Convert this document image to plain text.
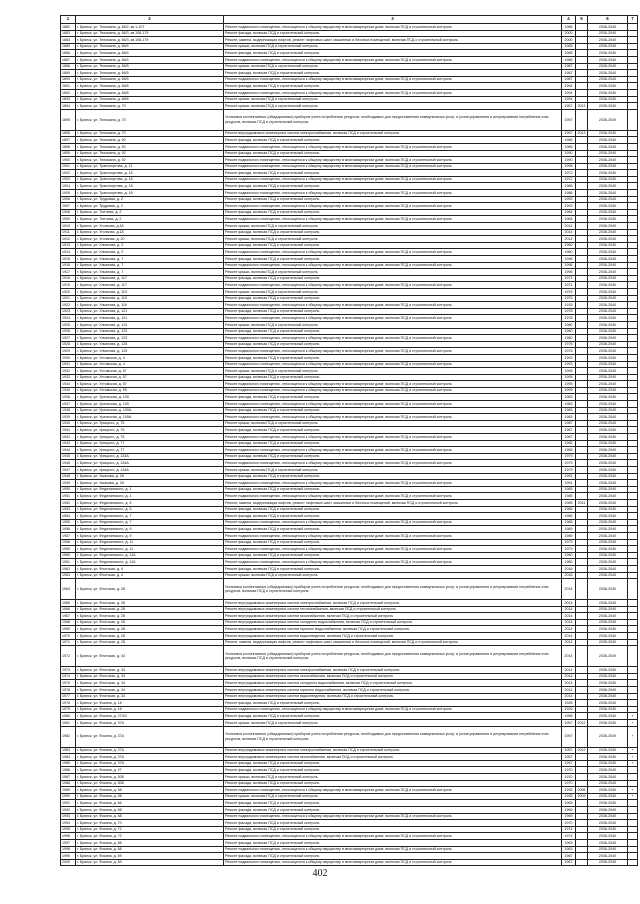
1	2	3	4	5	6	7
1882	г. Брянск, ул. Тельмана, д. 66/2, кв.1-107	Ремонт подвального помещения, относящегося к общему имуществу в многоквартирном доме, включая ПСД и строительный контроль	1986		2038-2040	
1883	г. Брянск, ул. Тельмана, д. 66/3, кв.108-179	Ремонт фасада, включая ПСД и строительный контроль	2000		2038-2040	
1884	г. Брянск, ул. Тельмана, д. 66/3, кв.108-179	Ремонт, замена, модернизация лифтов, ремонт лифтовых шахт, машинных и блочных помещений, включая ПСД и строительный контроль	2000		2038-2040	
1885	г. Брянск, ул. Тельмана, д. 66/4	Ремонт крыши, включая ПСД и строительный контроль	1985		2038-2040	
1886	г. Брянск, ул. Тельмана, д. 66/4	Ремонт фасада, включая ПСД и строительный контроль	1985		2038-2040	
1887	г. Брянск, ул. Тельмана, д. 66/4	Ремонт подвального помещения, относящегося к общему имуществу в многоквартирном доме, включая ПСД и строительный контроль	1985		2038-2040	
1888	г. Брянск, ул. Тельмана, д. 66/5	Ремонт крыши, включая ПСД и строительный контроль	1987		2038-2040	
1889	г. Брянск, ул. Тельмана, д. 66/5	Ремонт фасада, включая ПСД и строительный контроль	1987		2038-2040	
1890	г. Брянск, ул. Тельмана, д. 66/5	Ремонт подвального помещения, относящегося к общему имуществу в многоквартирном доме, включая ПСД и строительный контроль	1987		2038-2040	
1891	г. Брянск, ул. Тельмана, д. 66/6	Ремонт фасада, включая ПСД и строительный контроль	1994		2038-2040	
1892	г. Брянск, ул. Тельмана, д. 66/6	Ремонт подвального помещения, относящегося к общему имуществу в многоквартирном доме, включая ПСД и строительный контроль	1994		2038-2040	
1893	г. Брянск, ул. Тельмана, д. 66/6	Ремонт крыши, включая ПСД и строительный контроль	1994		2038-2040	
1894	г. Брянск, ул. Тельмана, д. 70	Ремонт крыши, включая ПСД и строительный контроль	1957	2013	2038-2040	
1895	г. Брянск, ул. Тельмана, д. 70	Установка коллективных (общедомовых) приборов учета потребления ресурсов, необходимых для предоставления коммунальных услуг, и узлов управления и регулирования потребления этих ресурсов, включая ПСД и строительный контроль	1957		2038-2040	
1896	г. Брянск, ул. Тельмана, д. 70	Ремонт внутридомовых инженерных систем электроснабжения, включая ПСД и строительный контроль	1957	2013	2038-2040	
1897	г. Брянск, ул. Тельмана, д. 90	Ремонт фасада, включая ПСД и строительный контроль	1986		2038-2040	
1898	г. Брянск, ул. Тельмана, д. 90	Ремонт подвального помещения, относящегося к общему имуществу в многоквартирном доме, включая ПСД и строительный контроль	1986		2038-2040	
1899	г. Брянск, ул. Тельмана, д. 92	Ремонт фасада, включая ПСД и строительный контроль	1990		2038-2040	
1900	г. Брянск, ул. Тельмана, д. 92	Ремонт подвального помещения, относящегося к общему имуществу в многоквартирном доме, включая ПСД и строительный контроль	1990		2038-2040	
1901	г. Брянск, ул. Транспортная, д. 11	Ремонт подвального помещения, относящегося к общему имуществу в многоквартирном доме, включая ПСД и строительный контроль	1998		2038-2040	
1902	г. Брянск, ул. Транспортная, д. 15	Ремонт фасада, включая ПСД и строительный контроль	1972		2038-2040	
1903	г. Брянск, ул. Транспортная, д. 16	Ремонт подвального помещения, относящегося к общему имуществу в многоквартирном доме, включая ПСД и строительный контроль	1972		2038-2040	
1904	г. Брянск, ул. Транспортная, д. 18	Ремонт фасада, включая ПСД и строительный контроль	1986		2038-2040	
1905	г. Брянск, ул. Транспортная, д. 18	Ремонт подвального помещения, относящегося к общему имуществу в многоквартирном доме, включая ПСД и строительный контроль	1986		2038-2040	
1906	г. Брянск, ул. Трудовая, д. 2	Ремонт фасада, включая ПСД и строительный контроль	1993		2038-2040	
1907	г. Брянск, ул. Трудовая, д. 2	Ремонт подвального помещения, относящегося к общему имуществу в многоквартирном доме, включая ПСД и строительный контроль	1993		2038-2040	
1908	г. Брянск, ул. Тютчева, д. 2	Ремонт фасада, включая ПСД и строительный контроль	1984		2038-2040	
1909	г. Брянск, ул. Тютчева, д. 2	Ремонт подвального помещения, относящегося к общему имуществу в многоквартирном доме, включая ПСД и строительный контроль	1984		2038-2040	
1910	г. Брянск, ул. Угольная, д.18	Ремонт крыши, включая ПСД и строительный контроль	2014		2038-2040	
1911	г. Брянск, ул. Угольная, д.18	Ремонт фасада, включая ПСД и строительный контроль	2014		2038-2040	
1912	г. Брянск, ул. Угольная, д. 20	Ремонт крыши, включая ПСД и строительный контроль	2014		2038-2040	
1913	г. Брянск, ул. Ульянова, д. 2	Ремонт фасада, включая ПСД и строительный контроль	1960		2038-2040	
1914	г. Брянск, ул. Ульянова, д. 2	Ремонт подвального помещения, относящегося к общему имуществу в многоквартирном доме, включая ПСД и строительный контроль	1960		2038-2040	
1915	г. Брянск, ул. Ульянова, д. 7	Ремонт фасада, включая ПСД и строительный контроль	1996		2038-2040	
1916	г. Брянск, ул. Ульянова, д. 7	Ремонт подвального помещения, относящегося к общему имуществу в многоквартирном доме, включая ПСД и строительный контроль	1996		2038-2040	
1917	г. Брянск, ул. Ульянова, д. 7	Ремонт крыши, включая ПСД и строительный контроль	1996		2038-2040	
1918	г. Брянск, ул. Ульянова, д. 117	Ремонт фасада, включая ПСД и строительный контроль	1971		2038-2040	
1919	г. Брянск, ул. Ульянова, д. 117	Ремонт подвального помещения, относящегося к общему имуществу в многоквартирном доме, включая ПСД и строительный контроль	1971		2038-2040	
1920	г. Брянск, ул. Ульянова, д. 119	Ремонт крыши, включая ПСД и строительный контроль	1976		2038-2040	
1921	г. Брянск, ул. Ульянова, д. 119	Ремонт фасада, включая ПСД и строительный контроль	1976		2038-2040	
1922	г. Брянск, ул. Ульянова, д. 119	Ремонт подвального помещения, относящегося к общему имуществу в многоквартирном доме, включая ПСД и строительный контроль	1976		2038-2040	
1923	г. Брянск, ул. Ульянова, д. 121	Ремонт фасада, включая ПСД и строительный контроль	1978		2038-2040	
1924	г. Брянск, ул. Ульянова, д. 121	Ремонт подвального помещения, относящегося к общему имуществу в многоквартирном доме, включая ПСД и строительный контроль	1978		2038-2040	
1925	г. Брянск, ул. Ульянова, д. 123	Ремонт крыши, включая ПСД и строительный контроль	1980		2038-2040	
1926	г. Брянск, ул. Ульянова, д. 123	Ремонт фасада, включая ПСД и строительный контроль	1980		2038-2040	
1927	г. Брянск, ул. Ульянова, д. 123	Ремонт подвального помещения, относящегося к общему имуществу в многоквартирном доме, включая ПСД и строительный контроль	1980		2038-2040	
1928	г. Брянск, ул. Ульянова, д. 125	Ремонт фасада, включая ПСД и строительный контроль	1976		2038-2040	
1929	г. Брянск, ул. Ульянова, д. 125	Ремонт подвального помещения, относящегося к общему имуществу в многоквартирном доме, включая ПСД и строительный контроль	1976		2038-2040	
1930	г. Брянск, ул. Ухтомская, д. 4	Ремонт фасада, включая ПСД и строительный контроль	1993		2038-2040	
1931	г. Брянск, ул. Ухтомская, д. 4	Ремонт подвального помещения, относящегося к общему имуществу в многоквартирном доме, включая ПСД и строительный контроль	1993		2038-2040	
1932	г. Брянск, ул. Ухтомская, д. 57	Ремонт крыши, включая ПСД и строительный контроль	1995		2038-2040	
1933	г. Брянск, ул. Ухтомская, д. 57	Ремонт фасада, включая ПСД и строительный контроль	1995		2038-2040	
1934	г. Брянск, ул. Ухтомская, д. 57	Ремонт подвального помещения, относящегося к общему имуществу в многоквартирном доме, включая ПСД и строительный контроль	1995		2038-2040	
1935	г. Брянск, ул. Ухтомская, д. 59	Ремонт подвального помещения, относящегося к общему имуществу в многоквартирном доме, включая ПСД и строительный контроль	1999		2038-2040	
1936	г. Брянск, ул. Уральская, д. 100	Ремонт фасада, включая ПСД и строительный контроль	1983		2038-2040	
1937	г. Брянск, ул. Уральская, д. 100	Ремонт подвального помещения, относящегося к общему имуществу в многоквартирном доме, включая ПСД и строительный контроль	1983		2038-2040	
1938	г. Брянск, ул. Уральская, д. 100А	Ремонт фасада, включая ПСД и строительный контроль	1983		2038-2040	
1939	г. Брянск, ул. Уральская, д. 100А	Ремонт подвального помещения, относящегося к общему имуществу в многоквартирном доме, включая ПСД и строительный контроль	1983		2038-2040	
1940	г. Брянск, ул. Урицкого, д. 75	Ремонт крыши, включая ПСД и строительный контроль	1987		2038-2040	
1941	г. Брянск, ул. Урицкого, д. 75	Ремонт фасада, включая ПСД и строительный контроль	1987		2038-2040	
1942	г. Брянск, ул. Урицкого, д. 75	Ремонт подвального помещения, относящегося к общему имуществу в многоквартирном доме, включая ПСД и строительный контроль	1987		2038-2040	
1943	г. Брянск, ул. Урицкого, д. 77	Ремонт фасада, включая ПСД и строительный контроль	1985		2038-2040	
1944	г. Брянск, ул. Урицкого, д. 77	Ремонт подвального помещения, относящегося к общему имуществу в многоквартирном доме, включая ПСД и строительный контроль	1985		2038-2040	
1945	г. Брянск, ул. Урицкого, д. 134А	Ремонт фасада, включая ПСД и строительный контроль	1979		2038-2040	
1946	г. Брянск, ул. Урицкого, д. 134А	Ремонт подвального помещения, относящегося к общему имуществу в многоквартирном доме, включая ПСД и строительный контроль	1979		2038-2040	
1947	г. Брянск, ул. Урицкого, д. 134А	Ремонт крыши, включая ПСД и строительный контроль	1979		2038-2040	
1948	г. Брянск, ул. Ушакова, д. 26	Ремонт фасада, включая ПСД и строительный контроль	1991		2038-2040	
1949	г. Брянск, ул. Ушакова, д. 26	Ремонт подвального помещения, относящегося к общему имуществу в многоквартирном доме, включая ПСД и строительный контроль	1991		2038-2040	
1950	г. Брянск, ул. Федюнинского, д. 1	Ремонт фасада, включая ПСД и строительный контроль	1985		2038-2040	
1951	г. Брянск, ул. Федюнинского, д. 1	Ремонт подвального помещения, относящегося к общему имуществу в многоквартирном доме, включая ПСД и строительный контроль	1985		2038-2040	
1952	г. Брянск, ул. Федюнинского, д. 5	Ремонт, замена, модернизация лифтов, ремонт лифтовых шахт, машинных и блочных помещений, включая ПСД и строительный контроль	1985	2011	2038-2040	
1953	г. Брянск, ул. Федюнинского, д. 5	Ремонт фасада, включая ПСД и строительный контроль	1985		2038-2040	
1954	г. Брянск, ул. Федюнинского, д. 7	Ремонт фасада, включая ПСД и строительный контроль	1985		2038-2040	
1955	г. Брянск, ул. Федюнинского, д. 7	Ремонт подвального помещения, относящегося к общему имуществу в многоквартирном доме, включая ПСД и строительный контроль	1985		2038-2040	
1956	г. Брянск, ул. Федюнинского, д. 9	Ремонт фасада, включая ПСД и строительный контроль	1989		2038-2040	
1957	г. Брянск, ул. Федюнинского, д. 9	Ремонт подвального помещения, относящегося к общему имуществу в многоквартирном доме, включая ПСД и строительный контроль	1989		2038-2040	
1958	г. Брянск, ул. Федюнинского, д. 11	Ремонт фасада, включая ПСД и строительный контроль	1979		2038-2040	
1959	г. Брянск, ул. Федюнинского, д. 11	Ремонт подвального помещения, относящегося к общему имуществу в многоквартирном доме, включая ПСД и строительный контроль	1979		2038-2040	
1960	г. Брянск, ул. Федюнинского, д. 11А	Ремонт фасада, включая ПСД и строительный контроль	1980		2038-2040	
1961	г. Брянск, ул. Федюнинского, д. 11А	Ремонт подвального помещения, относящегося к общему имуществу в многоквартирном доме, включая ПСД и строительный контроль	1980		2038-2040	
1962	г. Брянск, ул. Флотская, д. 4	Ремонт фасада, включая ПСД и строительный контроль	2016		2038-2040	
1963	г. Брянск, ул. Флотская, д. 4	Ремонт крыши, включая ПСД и строительный контроль	2016		2038-2040	
1964	г. Брянск, ул. Флотская, д. 28	Установка коллективных (общедомовых) приборов учета потребления ресурсов, необходимых для предоставления коммунальных услуг, и узлов управления и регулирования потребления этих ресурсов, включая ПСД и строительный контроль	2014		2038-2040	
1965	г. Брянск, ул. Флотская, д. 28	Ремонт внутридомовых инженерных систем электроснабжения, включая ПСД и строительный контроль	2014		2038-2040	
1966	г. Брянск, ул. Флотская, д. 28	Ремонт внутридомовых инженерных систем теплоснабжения, включая ПСД и строительный контроль	2014		2038-2040	
1967	г. Брянск, ул. Флотская, д. 28	Ремонт внутридомовых инженерных систем газоснабжения, включая ПСД и строительный контроль	2014		2038-2040	
1968	г. Брянск, ул. Флотская, д. 28	Ремонт внутридомовых инженерных систем холодного водоснабжения, включая ПСД и строительный контроль	2014		2038-2040	
1969	г. Брянск, ул. Флотская, д. 28	Ремонт внутридомовых инженерных систем горячего водоснабжения, включая ПСД и строительный контроль	2014		2038-2040	
1970	г. Брянск, ул. Флотская, д. 28	Ремонт внутридомовых инженерных систем водоотведения, включая ПСД и строительный контроль	2014		2038-2040	
1971	г. Брянск, ул. Флотская, д. 28	Ремонт, замена, модернизация лифтов, ремонт лифтовых шахт, машинных и блочных помещений, включая ПСД и строительный контроль	2014		2038-2040	
1972	г. Брянск, ул. Флотская, д. 34	Установка коллективных (общедомовых) приборов учета потребления ресурсов, необходимых для предоставления коммунальных услуг, и узлов управления и регулирования потребления этих ресурсов, включая ПСД и строительный контроль	2014		2038-2040	
1973	г. Брянск, ул. Флотская, д. 34	Ремонт внутридомовых инженерных систем электроснабжения, включая ПСД и строительный контроль	2014		2038-2040	
1974	г. Брянск, ул. Флотская, д. 34	Ремонт внутридомовых инженерных систем газоснабжения, включая ПСД и строительный контроль	2014		2038-2040	
1975	г. Брянск, ул. Флотская, д. 34	Ремонт внутридомовых инженерных систем холодного водоснабжения, включая ПСД и строительный контроль	2014		2038-2040	
1976	г. Брянск, ул. Флотская, д. 34	Ремонт внутридомовых инженерных систем горячего водоснабжения, включая ПСД и строительный контроль	2014		2038-2040	
1977	г. Брянск, ул. Флотская, д. 34	Ремонт внутридомовых инженерных систем водоотведения, включая ПСД и строительный контроль	2014		2038-2040	
1978	г. Брянск, ул. Фокина, д. 18	Ремонт фасада, включая ПСД и строительный контроль	1926		2038-2040	
1979	г. Брянск, ул. Фокина, д. 18	Ремонт подвального помещения, относящегося к общему имуществу в многоквартирном доме, включая ПСД и строительный контроль	1926		2038-2040	
1980	г. Брянск, ул. Фокина, д. 27/43	Ремонт фасада, включая ПСД и строительный контроль	1958		2035-2040	+
1981	г. Брянск, ул. Фокина, д. 37А	Ремонт крыши, включая ПСД и строительный контроль	1957	2012	2038-2040	+
1982	г. Брянск, ул. Фокина, д. 37А	Установка коллективных (общедомовых) приборов учета потребления ресурсов, необходимых для предоставления коммунальных услуг, и узлов управления и регулирования потребления этих ресурсов, включая ПСД и строительный контроль	1957		2038-2040	+
1983	г. Брянск, ул. Фокина, д. 37А	Ремонт внутридомовых инженерных систем электроснабжения, включая ПСД и строительный контроль	1957	2012	2038-2040	+
1984	г. Брянск, ул. Фокина, д. 37А	Ремонт внутридомовых инженерных систем газоснабжения, включая ПСД и строительный контроль	1957		2038-2040	+
1985	г. Брянск, ул. Фокина, д. 37А	Ремонт фасада, включая ПСД и строительный контроль	1957		2038-2040	+
1986	г. Брянск, ул. Фокина, д. 47	Ремонт фасада, включая ПСД и строительный контроль	1970		2038-2040	
1987	г. Брянск, ул. Фокина, д. 50Б	Ремонт крыши, включая ПСД и строительный контроль	1970		2038-2040	
1988	г. Брянск, ул. Фокина, д. 50Б	Ремонт фасада, включая ПСД и строительный контроль	1970		2038-2040	
1989	г. Брянск, ул. Фокина, д. 58	Ремонт подвального помещения, относящегося к общему имуществу в многоквартирном доме, включая ПСД и строительный контроль	1935	2006	2038-2040	+
1990	г. Брянск, ул. Фокина, д. 58	Ремонт крыши, включая ПСД и строительный контроль	1935	2009	2036-2040	+
1991	г. Брянск, ул. Фокина, д. 66	Ремонт фасада, включая ПСД и строительный контроль	1969		2038-2040	
1992	г. Брянск, ул. Фокина, д. 68	Ремонт фасада, включая ПСД и строительный контроль	1969		2038-2040	
1993	г. Брянск, ул. Фокина, д. 68	Ремонт подвального помещения, относящегося к общему имуществу в многоквартирном доме, включая ПСД и строительный контроль	1969		2038-2040	
1994	г. Брянск, ул. Фокина, д. 70	Ремонт фасада, включая ПСД и строительный контроль	1970		2038-2040	
1995	г. Брянск, ул. Фокина, д. 72	Ремонт фасада, включая ПСД и строительный контроль	1974		2038-2040	
1996	г. Брянск, ул. Фокина, д. 72	Ремонт подвального помещения, относящегося к общему имуществу в многоквартирном доме, включая ПСД и строительный контроль	1974		2038-2040	
1997	г. Брянск, ул. Фокина, д. 88	Ремонт фасада, включая ПСД и строительный контроль	1963		2038-2040	
1998	г. Брянск, ул. Фокина, д. 88	Ремонт подвального помещения, относящегося к общему имуществу в многоквартирном доме, включая ПСД и строительный контроль	1963		2038-2040	
1999	г. Брянск, ул. Фокина, д. 89	Ремонт фасада, включая ПСД и строительный контроль	1967		2038-2040	
2000	г. Брянск, ул. Фокина, д. 89	Ремонт подвального помещения, относящегося к общему имуществу в многоквартирном доме, включая ПСД и строительный контроль	1967		2038-2040	
402
